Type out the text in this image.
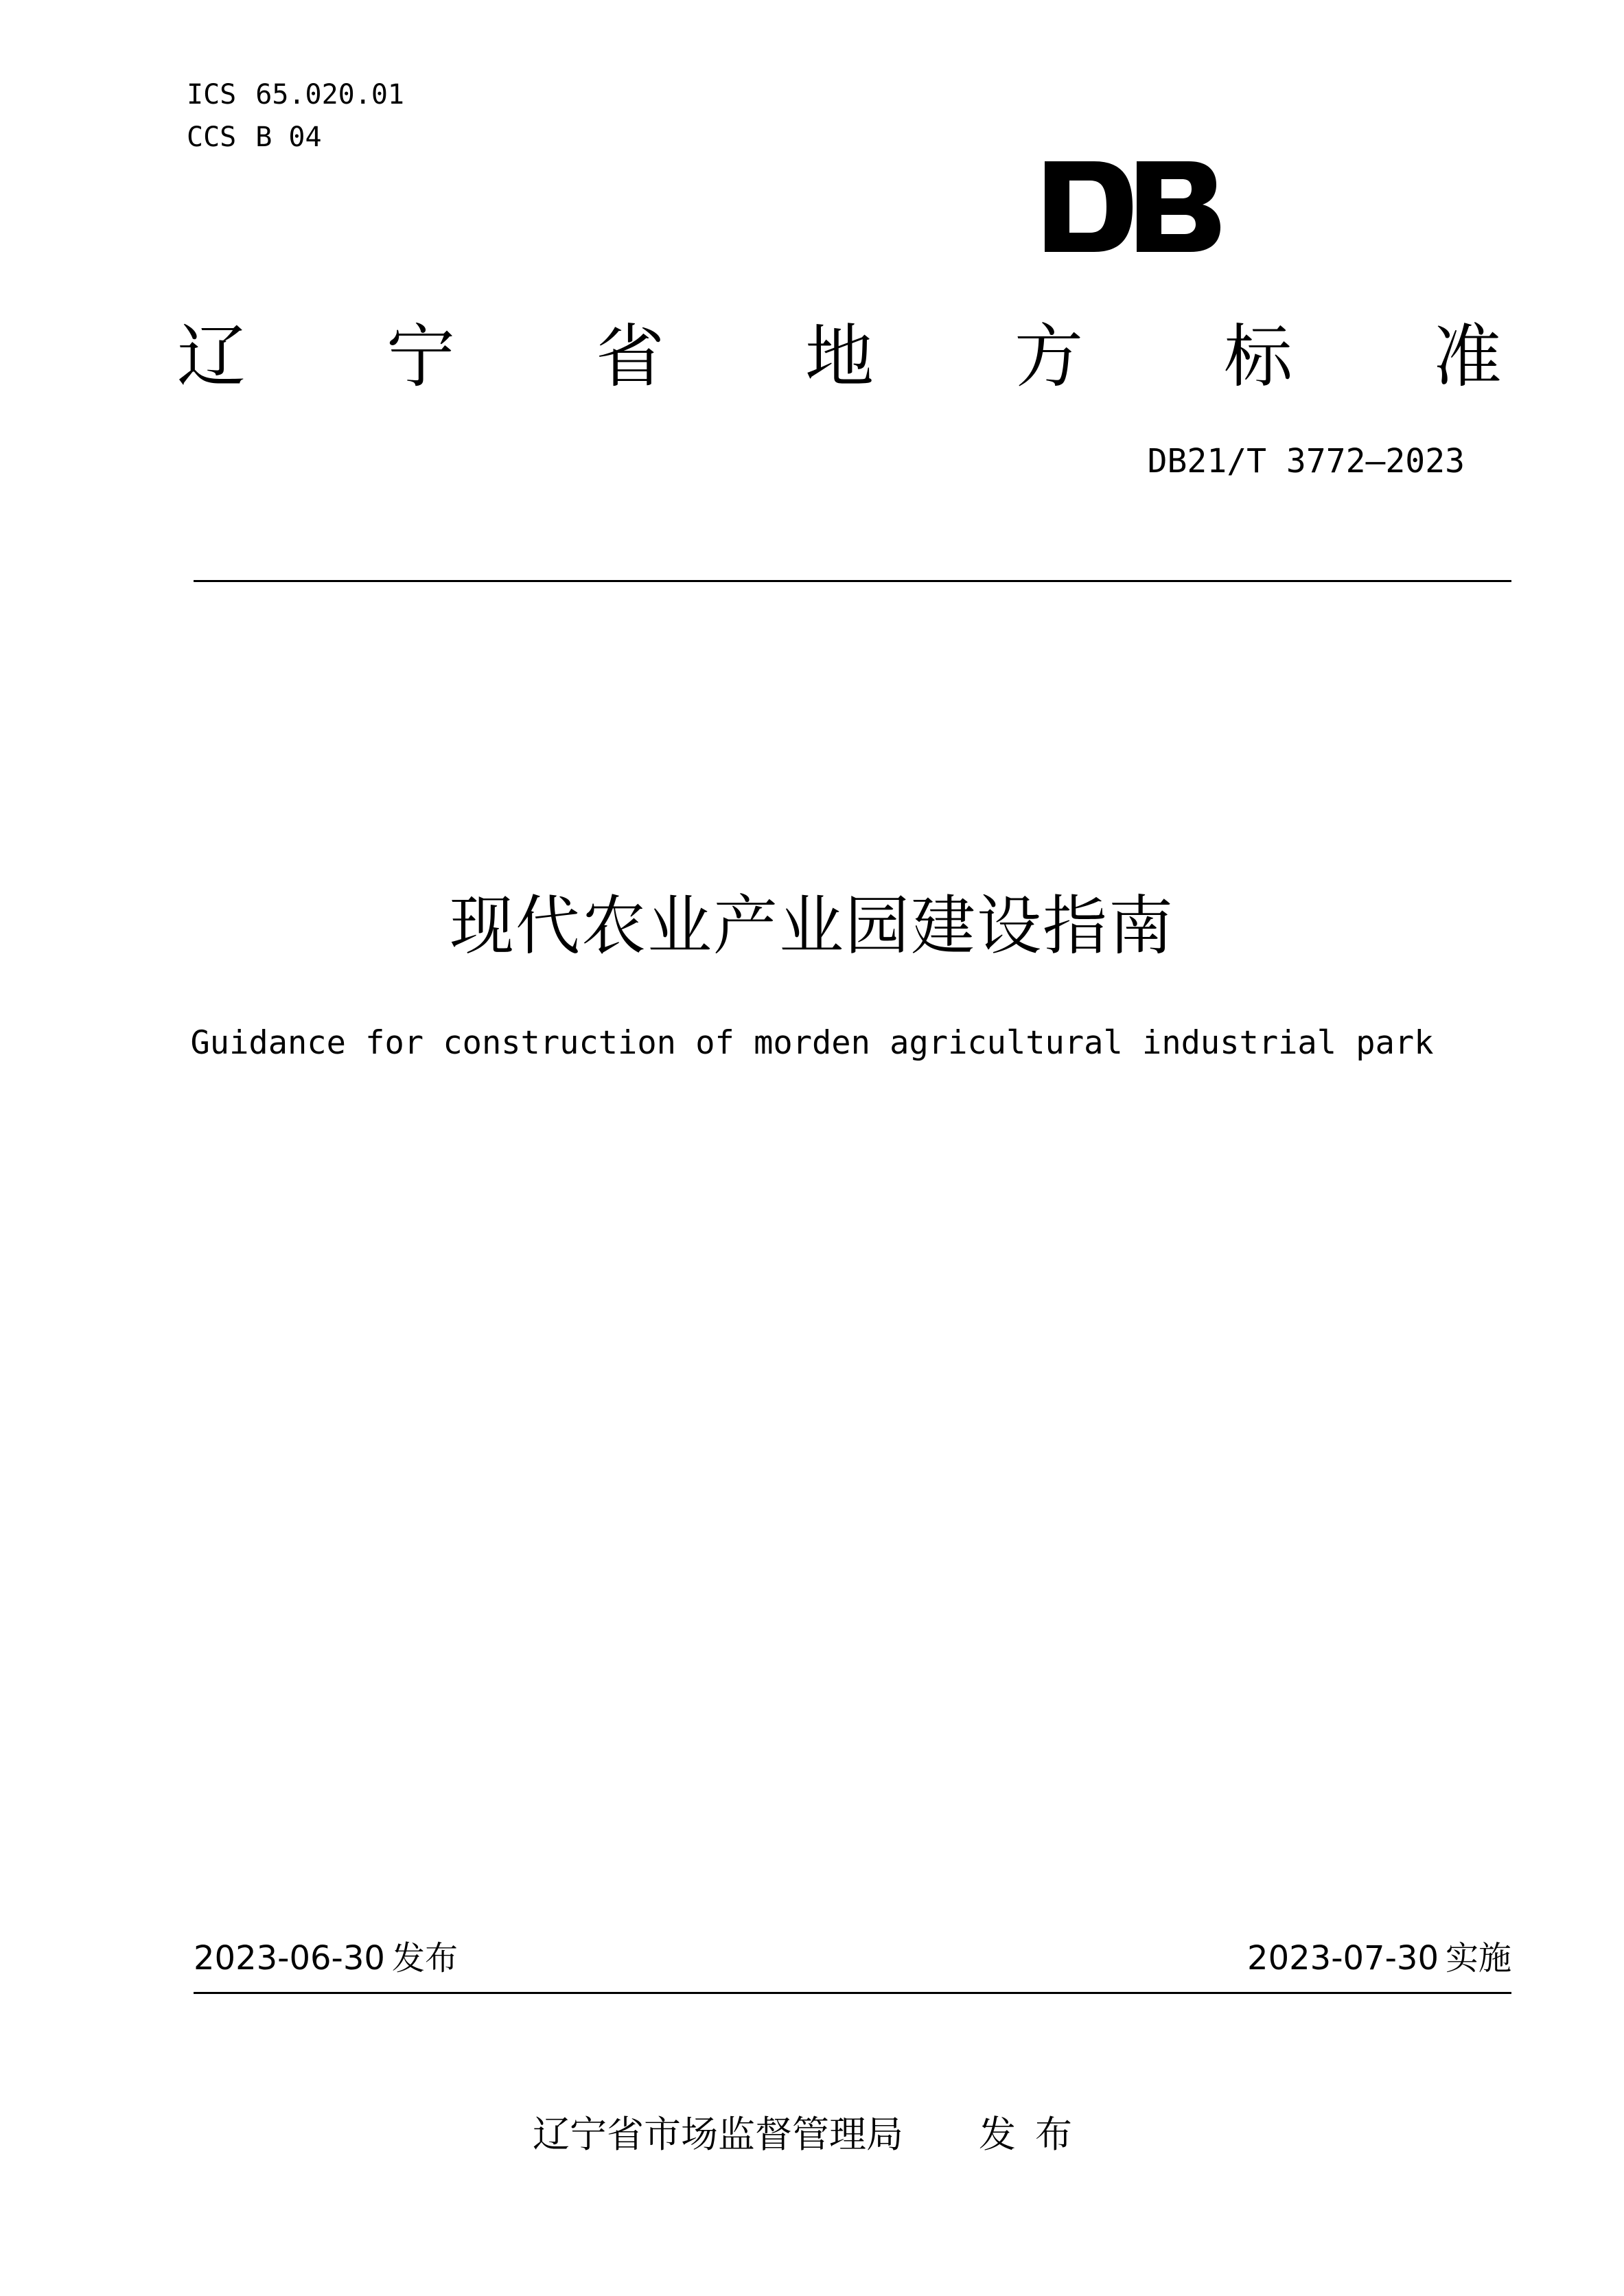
ICS 65.020.01
CCS B 04
辽 宁 省 地 方 标 准
DB21/T 3772—2023
现代农业产业园建设指南
Guidance for construction of morden agricultural industrial park
2023-06-30 发布	2023-07-30 实施
辽宁省市场监督管理局 发布
